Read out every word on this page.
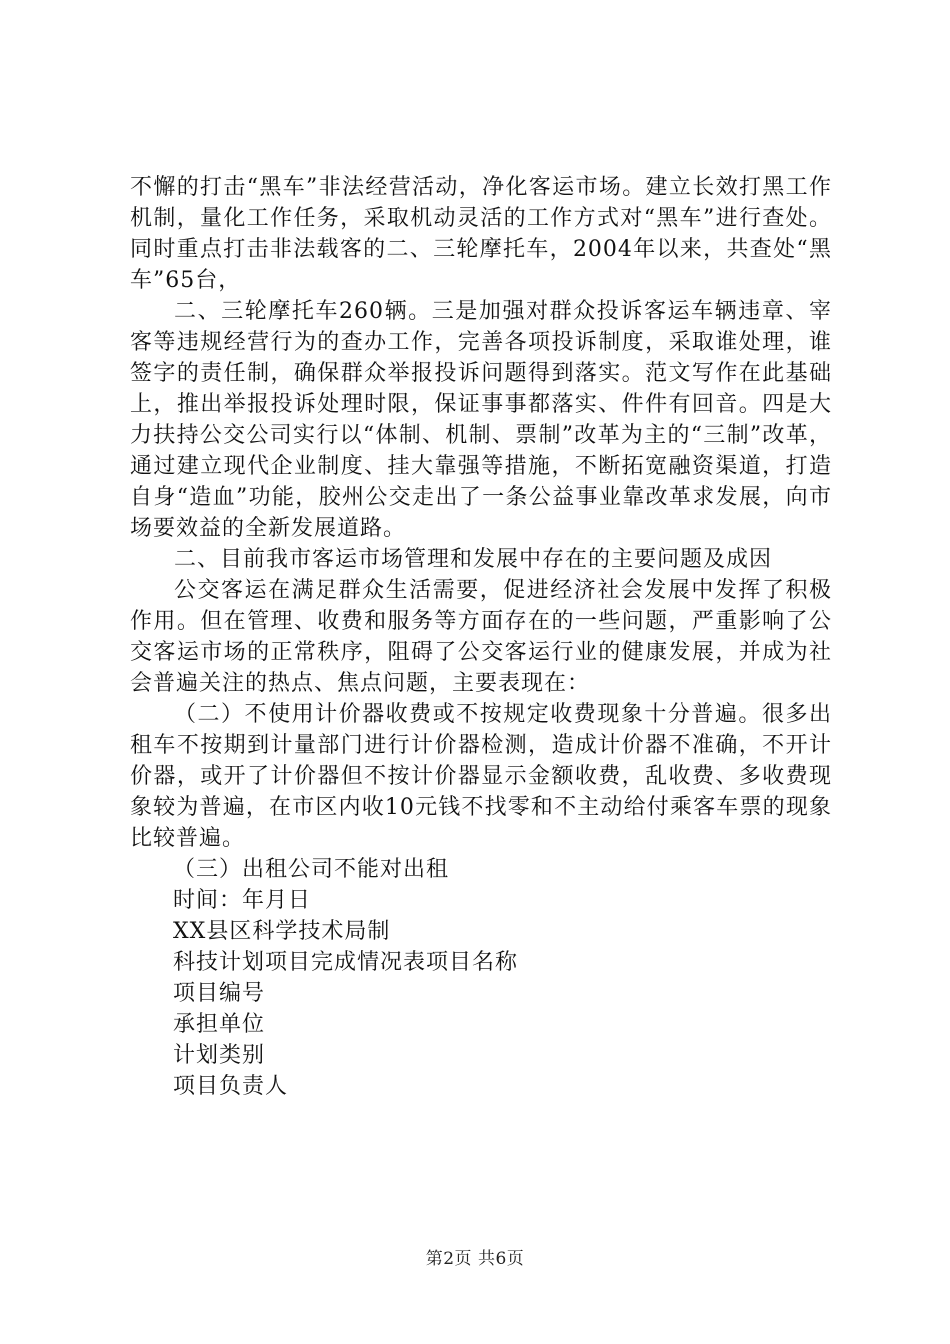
不懈的打击“黑车”非法经营活动，净化客运市场。建立长效打黑工作机制，量化工作任务，采取机动灵活的工作方式对“黑车”进行查处。同时重点打击非法载客的二、三轮摩托车，2004年以来，共查处“黑车”65台，

二、三轮摩托车260辆。三是加强对群众投诉客运车辆违章、宰客等违规经营行为的查办工作，完善各项投诉制度，采取谁处理，谁签字的责任制，确保群众举报投诉问题得到落实。范文写作在此基础上，推出举报投诉处理时限，保证事事都落实、件件有回音。四是大力扶持公交公司实行以“体制、机制、票制”改革为主的“三制”改革，通过建立现代企业制度、挂大靠强等措施，不断拓宽融资渠道，打造自身“造血”功能，胶州公交走出了一条公益事业靠改革求发展，向市场要效益的全新发展道路。

二、目前我市客运市场管理和发展中存在的主要问题及成因

公交客运在满足群众生活需要，促进经济社会发展中发挥了积极作用。但在管理、收费和服务等方面存在的一些问题，严重影响了公交客运市场的正常秩序，阻碍了公交客运行业的健康发展，并成为社会普遍关注的热点、焦点问题，主要表现在：

（二）不使用计价器收费或不按规定收费现象十分普遍。很多出租车不按期到计量部门进行计价器检测，造成计价器不准确，不开计价器，或开了计价器但不按计价器显示金额收费，乱收费、多收费现象较为普遍，在市区内收10元钱不找零和不主动给付乘客车票的现象比较普遍。

（三）出租公司不能对出租

时间：年月日

XX县区科学技术局制

科技计划项目完成情况表项目名称

项目编号

承担单位

计划类别

项目负责人

第2页 共6页
